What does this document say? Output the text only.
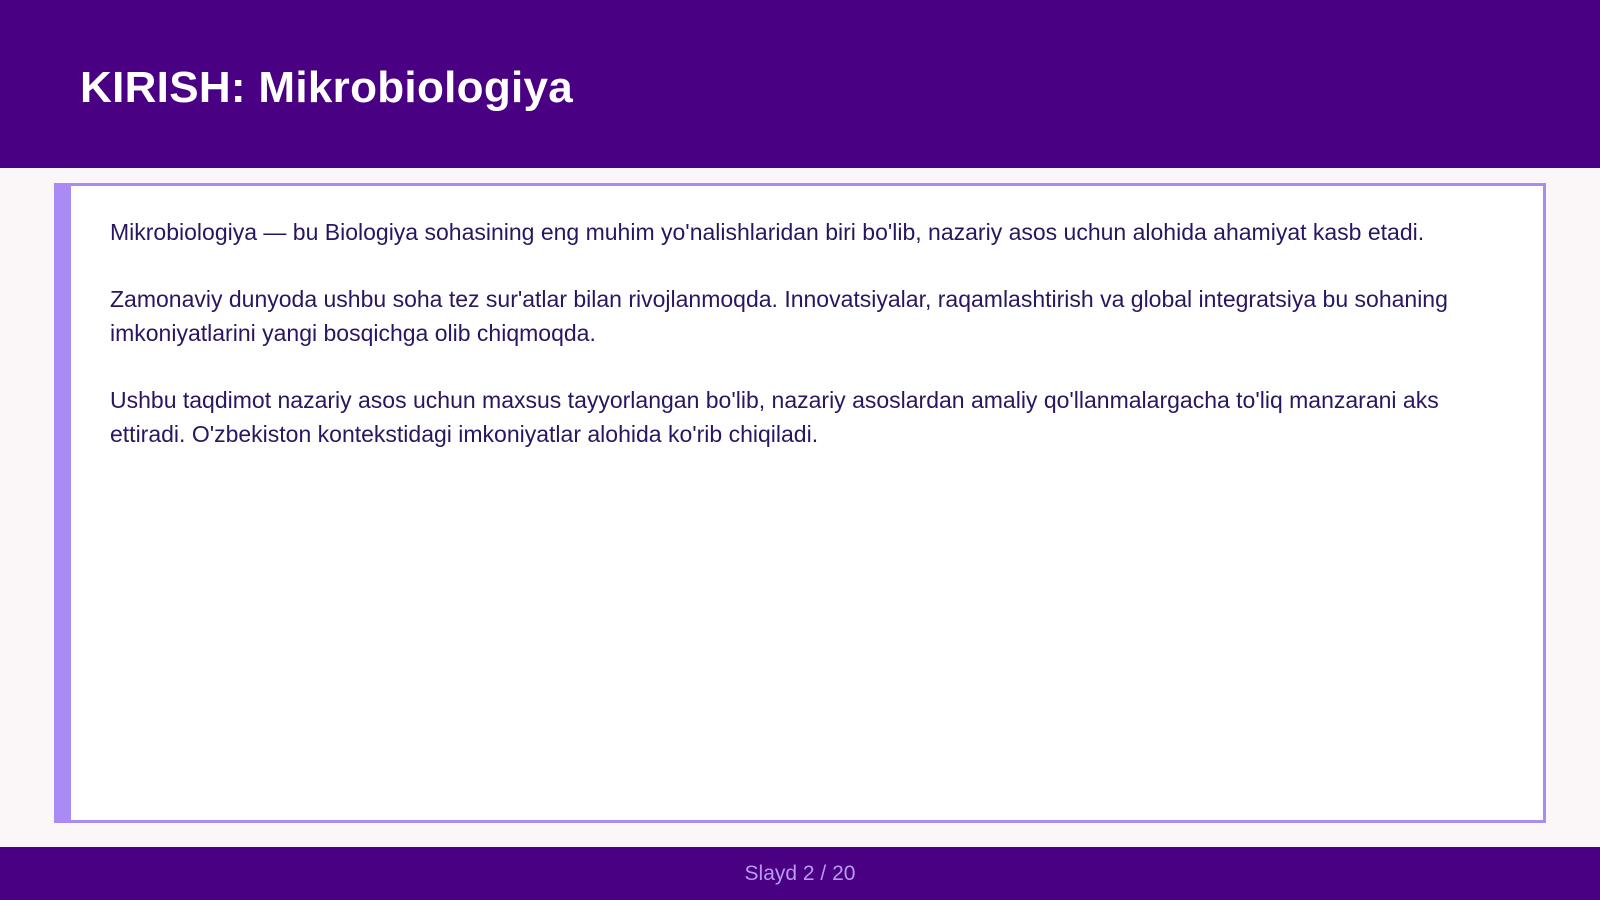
KIRISH: Mikrobiologiya

Mikrobiologiya — bu Biologiya sohasining eng muhim yo'nalishlaridan biri bo'lib, nazariy asos uchun alohida ahamiyat kasb etadi.

Zamonaviy dunyoda ushbu soha tez sur'atlar bilan rivojlanmoqda. Innovatsiyalar, raqamlashtirish va global integratsiya bu sohaning imkoniyatlarini yangi bosqichga olib chiqmoqda.

Ushbu taqdimot nazariy asos uchun maxsus tayyorlangan bo'lib, nazariy asoslardan amaliy qo'llanmalargacha to'liq manzarani aks ettiradi. O'zbekiston kontekstidagi imkoniyatlar alohida ko'rib chiqiladi.

Slayd 2 / 20
